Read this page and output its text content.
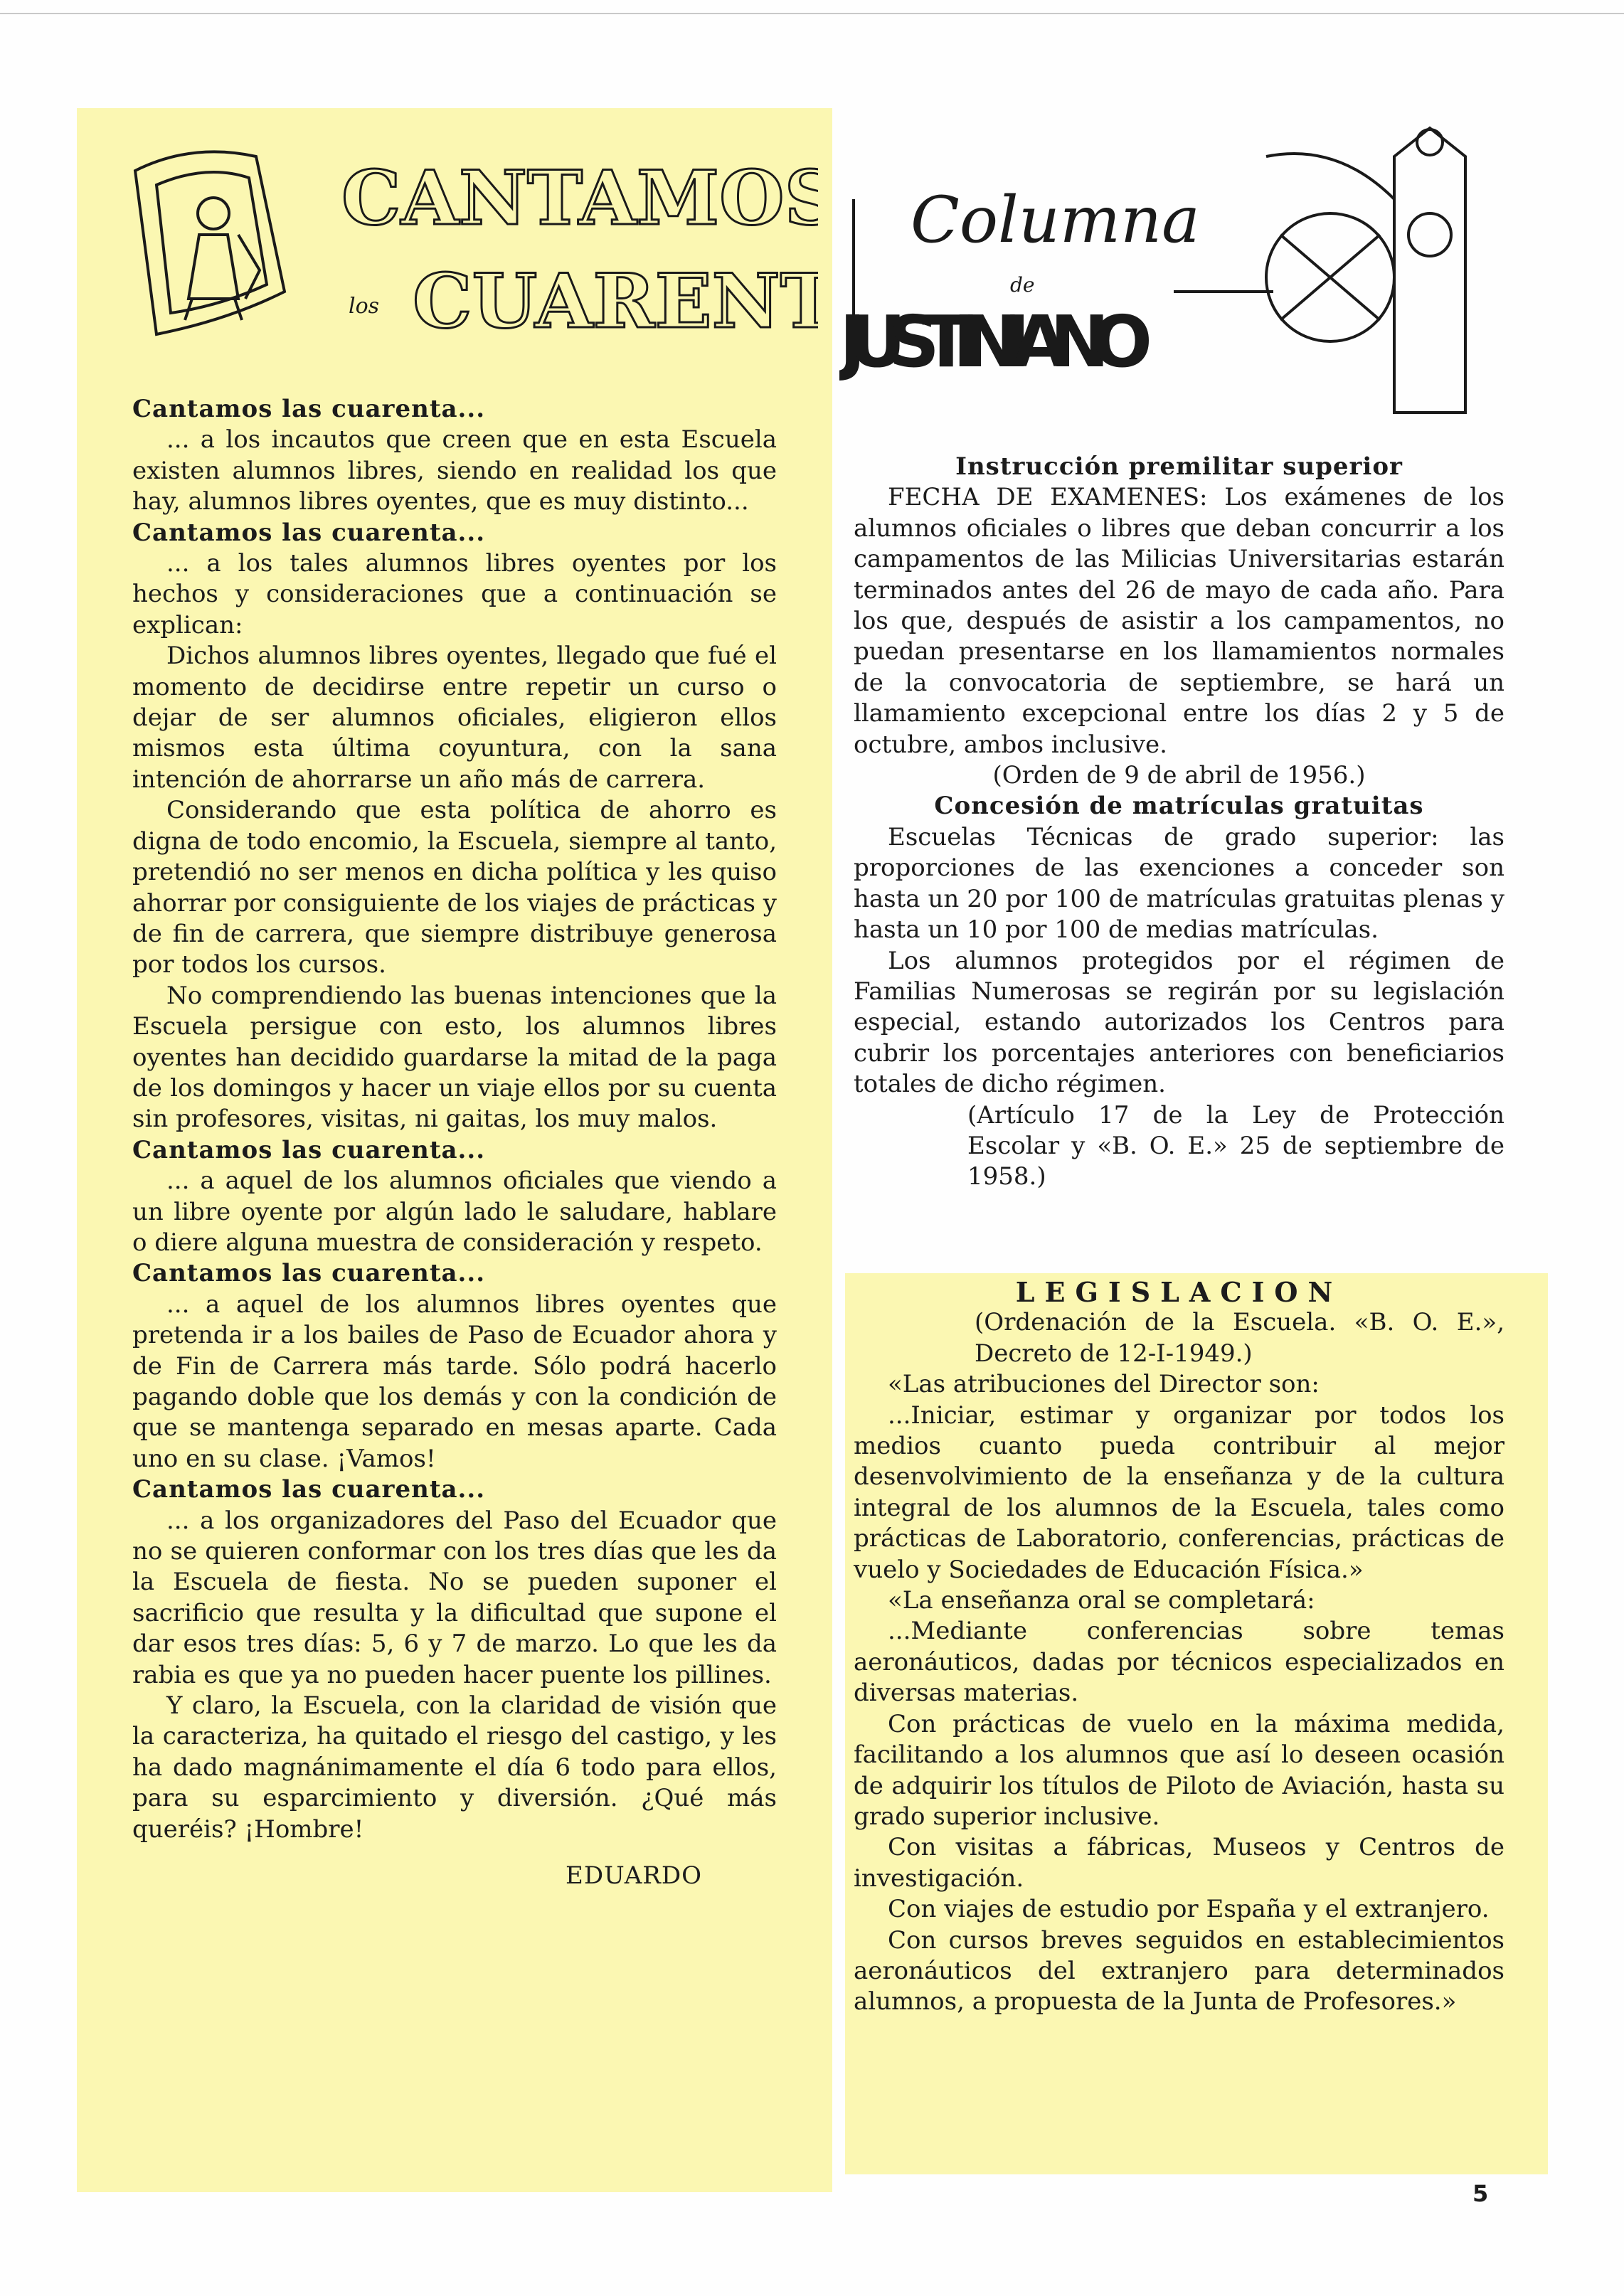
CANTAMOS
CUARENT
los
Columna
de
JUSTINIANO

Cantamos las cuarenta...

... a los incautos que creen que en esta Escuela existen alumnos libres, siendo en realidad los que hay, alumnos libres oyentes, que es muy distinto...

Cantamos las cuarenta...

... a los tales alumnos libres oyentes por los hechos y consideraciones que a continuación se explican:

Dichos alumnos libres oyentes, llegado que fué el momento de decidirse entre repetir un curso o dejar de ser alumnos oficiales, eligieron ellos mismos esta última coyuntura, con la sana intención de ahorrarse un año más de carrera.

Considerando que esta política de ahorro es digna de todo encomio, la Escuela, siempre al tanto, pretendió no ser menos en dicha política y les quiso ahorrar por consiguiente de los viajes de prácticas y de fin de carrera, que siempre distribuye generosa por todos los cursos.

No comprendiendo las buenas intenciones que la Escuela persigue con esto, los alumnos libres oyentes han decidido guardarse la mitad de la paga de los domingos y hacer un viaje ellos por su cuenta sin profesores, visitas, ni gaitas, los muy malos.

Cantamos las cuarenta...

... a aquel de los alumnos oficiales que viendo a un libre oyente por algún lado le saludare, hablare o diere alguna muestra de consideración y respeto.

Cantamos las cuarenta...

... a aquel de los alumnos libres oyentes que pretenda ir a los bailes de Paso de Ecuador ahora y de Fin de Carrera más tarde. Sólo podrá hacerlo pagando doble que los demás y con la condición de que se mantenga separado en mesas aparte. Cada uno en su clase. ¡Vamos!

Cantamos las cuarenta...

... a los organizadores del Paso del Ecuador que no se quieren conformar con los tres días que les da la Escuela de fiesta. No se pueden suponer el sacrificio que resulta y la dificultad que supone el dar esos tres días: 5, 6 y 7 de marzo. Lo que les da rabia es que ya no pueden hacer puente los pillines.

Y claro, la Escuela, con la claridad de visión que la caracteriza, ha quitado el riesgo del castigo, y les ha dado magnánimamente el día 6 todo para ellos, para su esparcimiento y diversión. ¿Qué más queréis? ¡Hombre!

EDUARDO

Instrucción premilitar superior

FECHA DE EXAMENES: Los exámenes de los alumnos oficiales o libres que deban concurrir a los campamentos de las Milicias Universitarias estarán terminados antes del 26 de mayo de cada año. Para los que, después de asistir a los campamentos, no puedan presentarse en los llamamientos normales de la convocatoria de septiembre, se hará un llamamiento excepcional entre los días 2 y 5 de octubre, ambos inclusive.

(Orden de 9 de abril de 1956.)

Concesión de matrículas gratuitas

Escuelas Técnicas de grado superior: las proporciones de las exenciones a conceder son hasta un 20 por 100 de matrículas gratuitas plenas y hasta un 10 por 100 de medias matrículas.

Los alumnos protegidos por el régimen de Familias Numerosas se regirán por su legislación especial, estando autorizados los Centros para cubrir los porcentajes anteriores con beneficiarios totales de dicho régimen.

(Artículo 17 de la Ley de Protección Escolar y «B. O. E.» 25 de septiembre de 1958.)

LEGISLACION

(Ordenación de la Escuela. «B. O. E.», Decreto de 12-I-1949.)

«Las atribuciones del Director son:

...Iniciar, estimar y organizar por todos los medios cuanto pueda contribuir al mejor desenvolvimiento de la enseñanza y de la cultura integral de los alumnos de la Escuela, tales como prácticas de Laboratorio, conferencias, prácticas de vuelo y Sociedades de Educación Física.»

«La enseñanza oral se completará:

...Mediante conferencias sobre temas aeronáuticos, dadas por técnicos especializados en diversas materias.

Con prácticas de vuelo en la máxima medida, facilitando a los alumnos que así lo deseen ocasión de adquirir los títulos de Piloto de Aviación, hasta su grado superior inclusive.

Con visitas a fábricas, Museos y Centros de investigación.

Con viajes de estudio por España y el extranjero.

Con cursos breves seguidos en establecimientos aeronáuticos del extranjero para determinados alumnos, a propuesta de la Junta de Profesores.»

5
